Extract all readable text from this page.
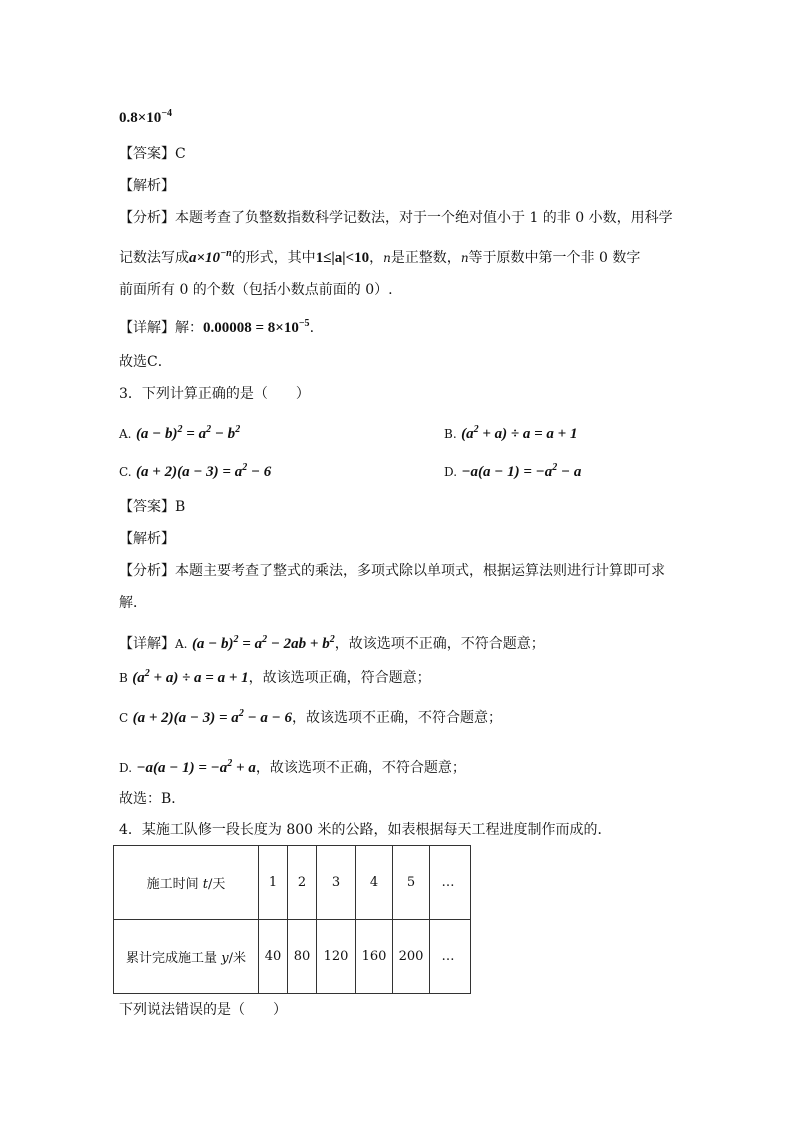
$0.8\times 10^{-4}$
【答案】C
【解析】
【分析】本题考查了负整数指数科学记数法，对于一个绝对值小于 1 的非 0 小数，用科学
记数法写成$a\times 10^{-n}$的形式，其中1≤|a|<10，n是正整数，n等于原数中第一个非 0 数字
前面所有 0 的个数（包括小数点前面的 0）.
【详解】解：$0.00008 = 8\times 10^{-5}$.
故选C．
3．下列计算正确的是（　　）
A. $(a - b)^2 = a^2 - b^2$	B. $(a^2 + a) \div a = a + 1$
C. $(a + 2)(a - 3) = a^2 - 6$	D. $-a(a - 1) = -a^2 - a$
【答案】B
【解析】
【分析】本题主要考查了整式的乘法，多项式除以单项式，根据运算法则进行计算即可求
解．
【详解】A. $(a - b)^2 = a^2 - 2ab + b^2$，故该选项不正确，不符合题意；
B $(a^2 + a) \div a = a + 1$，故该选项正确，符合题意；
C $(a + 2)(a - 3) = a^2 - a - 6$，故该选项不正确，不符合题意；
D. $-a(a - 1) = -a^2 + a$，故该选项不正确，不符合题意；
故选：B．
4．某施工队修一段长度为 800 米的公路，如表根据每天工程进度制作而成的．
施工时间 t/天	1	2	3	4	5	…
累计完成施工量 y/米	40	80	120	160	200	…
下列说法错误的是（　　）
